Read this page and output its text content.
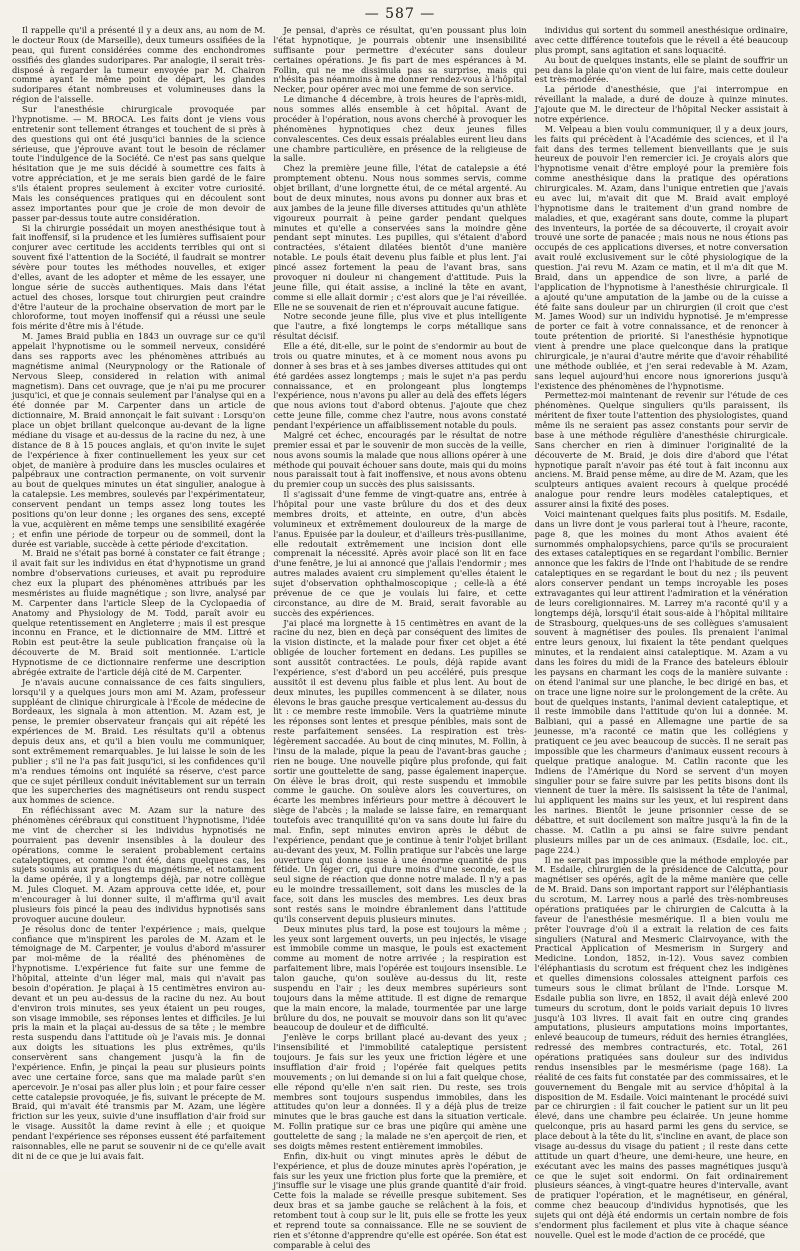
— 587 —

Il rappelle qu'il a présenté il y a deux ans, au nom de M. le docteur Roux (de Marseille), deux tumeurs ossifiées de la peau, qui furent considérées comme des enchondromes ossifiés des glandes sudoripares. Par analogie, il serait très-disposé à regarder la tumeur envoyée par M. Chairon comme ayant le même point de départ, les glandes sudoripares étant nombreuses et volumineuses dans la région de l'aisselle.

Sur l'anesthésie chirurgicale provoquée par l'hypnotisme. — M. BROCA. Les faits dont je viens vous entretenir sont tellement étranges et touchent de si près à des questions qui ont été jusqu'ici bannies de la science sérieuse, que j'éprouve avant tout le besoin de réclamer toute l'indulgence de la Société. Ce n'est pas sans quelque hésitation que je me suis décidé à soumettre ces faits à votre appréciation, et je me serais bien gardé de le faire s'ils étaient propres seulement à exciter votre curiosité. Mais les conséquences pratiques qui en découlent sont assez importantes pour que je croie de mon devoir de passer par-dessus toute autre considération.

Si la chirurgie possédait un moyen anesthésique tout à fait inoffensif, si la prudence et les lumières suffisaient pour conjurer avec certitude les accidents terribles qui ont si souvent fixé l'attention de la Société, il faudrait se montrer sévère pour toutes les méthodes nouvelles, et exiger d'elles, avant de les adopter et même de les essayer, une longue série de succès authentiques. Mais dans l'état actuel des choses, lorsque tout chirurgien peut craindre d'être l'auteur de la prochaine observation de mort par le chloroforme, tout moyen inoffensif qui a réussi une seule fois mérite d'être mis à l'étude.

M. James Braid publia en 1843 un ouvrage sur ce qu'il appelait l'hypnotisme ou le sommeil nerveux, considéré dans ses rapports avec les phénomènes attribués au magnétisme animal (Neurypnology or the Rationale of Nervous Sleep, considered in relation with animal magnetism). Dans cet ouvrage, que je n'ai pu me procurer jusqu'ici, et que je connais seulement par l'analyse qui en a été donnée par M. Carpenter dans un article de dictionnaire, M. Braid annonçait le fait suivant : Lorsqu'on place un objet brillant quelconque au-devant de la ligne médiane du visage et au-dessus de la racine du nez, à une distance de 8 à 15 pouces anglais, et qu'on invite le sujet de l'expérience à fixer continuellement les yeux sur cet objet, de manière à produire dans les muscles oculaires et palpébraux une contraction permanente, on voit survenir au bout de quelques minutes un état singulier, analogue à la catalepsie. Les membres, soulevés par l'expérimentateur, conservent pendant un temps assez long toutes les positions qu'on leur donne ; les organes des sens, excepté la vue, acquièrent en même temps une sensibilité exagérée ; et enfin une période de torpeur ou de sommeil, dont la durée est variable, succède à cette période d'excitation.

M. Braid ne s'était pas borné à constater ce fait étrange ; il avait fait sur les individus en état d'hypnotisme un grand nombre d'observations curieuses, et avait pu reproduire chez eux la plupart des phénomènes attribués par les mesméristes au fluide magnétique ; son livre, analysé par M. Carpenter dans l'article Sleep de la Cyclopaedia of Anatomy and Physiology de M. Todd, paraît avoir eu quelque retentissement en Angleterre ; mais il est presque inconnu en France, et le dictionnaire de MM. Littré et Robin est peut-être la seule publication française où la découverte de M. Braid soit mentionnée. L'article Hypnotisme de ce dictionnaire renferme une description abrégée extraite de l'article déjà cité de M. Carpenter.

Je n'avais aucune connaissance de ces faits singuliers, lorsqu'il y a quelques jours mon ami M. Azam, professeur suppléant de clinique chirurgicale à l'École de médecine de Bordeaux, les signala à mon attention. M. Azam est, je pense, le premier observateur français qui ait répété les expériences de M. Braid. Les résultats qu'il a obtenus depuis deux ans, et qu'il a bien voulu me communiquer, sont extrêmement remarquables. Je lui laisse le soin de les publier ; s'il ne l'a pas fait jusqu'ici, si les confidences qu'il m'a rendues témoins ont inquiété sa réserve, c'est parce que ce sujet périlleux conduit inévitablement sur un terrain que les supercheries des magnétiseurs ont rendu suspect aux hommes de science.

En réfléchissant avec M. Azam sur la nature des phénomènes cérébraux qui constituent l'hypnotisme, l'idée me vint de chercher si les individus hypnotisés ne pourraient pas devenir insensibles à la douleur des opérations, comme le seraient probablement certains cataleptiques, et comme l'ont été, dans quelques cas, les sujets soumis aux pratiques du magnétisme, et notamment la dame opérée, il y a longtemps déjà, par notre collègue M. Jules Cloquet. M. Azam approuva cette idée, et, pour m'encourager à lui donner suite, il m'affirma qu'il avait plusieurs fois pincé la peau des individus hypnotisés sans provoquer aucune douleur.

Je résolus donc de tenter l'expérience ; mais, quelque confiance que m'inspirent les paroles de M. Azam et le témoignage de M. Carpenter, je voulus d'abord m'assurer par moi-même de la réalité des phénomènes de l'hypnotisme. L'expérience fut faite sur une femme de l'hôpital, atteinte d'un léger mal, mais qui n'avait pas besoin d'opération. Je plaçai à 15 centimètres environ au-devant et un peu au-dessus de la racine du nez. Au bout d'environ trois minutes, ses yeux étaient un peu rouges, son visage immobile, ses réponses lentes et difficiles. Je lui pris la main et la plaçai au-dessus de sa tête ; le membre resta suspendu dans l'attitude où je l'avais mis. Je donnai aux doigts les situations les plus extrêmes, qu'ils conservèrent sans changement jusqu'à la fin de l'expérience. Enfin, je pinçai la peau sur plusieurs points avec une certaine force, sans que ma malade parût s'en apercevoir. Je n'osai pas aller plus loin ; et pour faire cesser cette catalepsie provoquée, je fis, suivant le précepte de M. Braid, qui m'avait été transmis par M. Azam, une légère friction sur les yeux, suivie d'une insufflation d'air froid sur le visage. Aussitôt la dame revint à elle ; et quoique pendant l'expérience ses réponses eussent été parfaitement raisonnables, elle ne parut se souvenir ni de ce qu'elle avait dit ni de ce que je lui avais fait.

Je pensai, d'après ce résultat, qu'en poussant plus loin l'état hypnotique, je pourrais obtenir une insensibilité suffisante pour permettre d'exécuter sans douleur certaines opérations. Je fis part de mes espérances à M. Follin, qui ne me dissimula pas sa surprise, mais qui n'hésita pas néanmoins à me donner rendez-vous à l'hôpital Necker, pour opérer avec moi une femme de son service.

Le dimanche 4 décembre, à trois heures de l'après-midi, nous sommes allés ensemble à cet hôpital. Avant de procéder à l'opération, nous avons cherché à provoquer les phénomènes hypnotiques chez deux jeunes filles convalescentes. Ces deux essais préalables eurent lieu dans une chambre particulière, en présence de la religieuse de la salle.

Chez la première jeune fille, l'état de catalepsie a été promptement obtenu. Nous nous sommes servis, comme objet brillant, d'une lorgnette étui, de ce métal argenté. Au bout de deux minutes, nous avons pu donner aux bras et aux jambes de la jeune fille diverses attitudes qu'un athlète vigoureux pourrait à peine garder pendant quelques minutes et qu'elle a conservées sans la moindre gêne pendant sept minutes. Les pupilles, qui s'étaient d'abord contractées, s'étaient dilatées bientôt d'une manière notable. Le pouls était devenu plus faible et plus lent. J'ai pincé assez fortement la peau de l'avant bras, sans provoquer ni douleur ni changement d'attitude. Puis la jeune fille, qui était assise, a incliné la tête en avant, comme si elle allait dormir ; c'est alors que je l'ai réveillée. Elle ne se souvenait de rien et n'éprouvait aucune fatigue.

Notre seconde jeune fille, plus vive et plus intelligente que l'autre, a fixé longtemps le corps métallique sans résultat décisif.

Elle a été, dit-elle, sur le point de s'endormir au bout de trois ou quatre minutes, et à ce moment nous avons pu donner à ses bras et à ses jambes diverses attitudes qui ont été gardées assez longtemps ; mais le sujet n'a pas perdu connaissance, et en prolongeant plus longtemps l'expérience, nous n'avons pu aller au delà des effets légers que nous avions tout d'abord obtenus. J'ajoute que chez cette jeune fille, comme chez l'autre, nous avons constaté pendant l'expérience un affaiblissement notable du pouls.

Malgré cet échec, encouragés par le résultat de notre premier essai et par le souvenir de mon succès de la veille, nous avons soumis la malade que nous allions opérer à une méthode qui pouvait échouer sans doute, mais qui du moins nous paraissait tout à fait inoffensive, et nous avons obtenu du premier coup un succès des plus saisissants.

Il s'agissait d'une femme de vingt-quatre ans, entrée à l'hôpital pour une vaste brûlure du dos et des deux membres droits, et atteinte, en outre, d'un abcès volumineux et extrêmement douloureux de la marge de l'anus. Épuisée par la douleur, et d'ailleurs très-pusillanime, elle redoutait extrêmement une incision dont elle comprenait la nécessité. Après avoir placé son lit en face d'une fenêtre, je lui ai annoncé que j'allais l'endormir ; mes autres malades avaient cru simplement qu'elles étaient le sujet d'observation ophthalmoscopique ; celle-là a été prévenue de ce que je voulais lui faire, et cette circonstance, au dire de M. Braid, serait favorable au succès des expériences.

J'ai placé ma lorgnette à 15 centimètres en avant de la racine du nez, bien en deçà par conséquent des limites de la vision distincte, et la malade pour fixer cet objet a été obligée de loucher fortement en dedans. Les pupilles se sont aussitôt contractées. Le pouls, déjà rapide avant l'expérience, s'est d'abord un peu accéléré, puis presque aussitôt il est devenu plus faible et plus lent. Au bout de deux minutes, les pupilles commencent à se dilater, nous élevons le bras gauche presque verticalement au-dessus du lit : ce membre reste immobile. Vers la quatrième minute les réponses sont lentes et presque pénibles, mais sont de reste parfaitement sensées. La respiration est très-légèrement saccadée. Au bout de cinq minutes, M. Follin, à l'insu de la malade, pique la peau de l'avant-bras gauche ; rien ne bouge. Une nouvelle piqûre plus profonde, qui fait sortir une gouttelette de sang, passe également inaperçue. On élève le bras droit, qui reste suspendu et immobile comme le gauche. On soulève alors les couvertures, on écarte les membres inférieurs pour mettre à découvert le siège de l'abcès ; la malade se laisse faire, en remarquant toutefois avec tranquillité qu'on va sans doute lui faire du mal. Enfin, sept minutes environ après le début de l'expérience, pendant que je continue à tenir l'objet brillant au-devant des yeux, M. Follin pratique sur l'abcès une large ouverture qui donne issue à une énorme quantité de pus fétide. Un léger cri, qui dure moins d'une seconde, est le seul signe de réaction que donne notre malade. Il n'y a pas eu le moindre tressaillement, soit dans les muscles de la face, soit dans les muscles des membres. Les deux bras sont restés sans le moindre ébranlement dans l'attitude qu'ils conservent depuis plusieurs minutes.

Deux minutes plus tard, la pose est toujours la même ; les yeux sont largement ouverts, un peu injectés, le visage est immobile comme un masque, le pouls est exactement comme au moment de notre arrivée ; la respiration est parfaitement libre, mais l'opérée est toujours insensible. Le talon gauche, qu'on soulève au-dessus du lit, reste suspendu en l'air ; les deux membres supérieurs sont toujours dans la même attitude. Il est digne de remarque que la main encore, la malade, tourmentée par une large brûlure du dos, ne pouvait se mouvoir dans son lit qu'avec beaucoup de douleur et de difficulté.

J'enlève le corps brillant placé au-devant des yeux ; l'insensibilité et l'immobilité cataleptique persistent toujours. Je fais sur les yeux une friction légère et une insufflation d'air froid ; l'opérée fait quelques petits mouvements ; on lui demande si on lui a fait quelque chose, elle répond qu'elle n'en sait rien. Du reste, ses trois membres sont toujours suspendus immobiles, dans les attitudes qu'on leur a données. Il y a déjà plus de treize minutes que le bras gauche est dans la situation verticale. M. Follin pratique sur ce bras une piqûre qui amène une gouttelette de sang ; la malade ne s'en aperçoit de rien, et ses doigts mêmes restent entièrement immobiles.

Enfin, dix-huit ou vingt minutes après le début de l'expérience, et plus de douze minutes après l'opération, je fais sur les yeux une friction plus forte que la première, et j'insuffle sur le visage une plus grande quantité d'air froid. Cette fois la malade se réveille presque subitement. Ses deux bras et sa jambe gauche se relâchent à la fois, et retombent tout à coup sur le lit, puis elle se frotte les yeux et reprend toute sa connaissance. Elle ne se souvient de rien et s'étonne d'apprendre qu'elle est opérée. Son état est comparable à celui des

individus qui sortent du sommeil anesthésique ordinaire, avec cette différence toutefois que le réveil a été beaucoup plus prompt, sans agitation et sans loquacité.

Au bout de quelques instants, elle se plaint de souffrir un peu dans la plaie qu'on vient de lui faire, mais cette douleur est très-modérée.

La période d'anesthésie, que j'ai interrompue en réveillant la malade, a duré de douze à quinze minutes. J'ajoute que M. le directeur de l'hôpital Necker assistait à notre expérience.

M. Velpeau a bien voulu communiquer, il y a deux jours, les faits qui précèdent à l'Académie des sciences, et il l'a fait dans des termes tellement bienveillants que je suis heureux de pouvoir l'en remercier ici. Je croyais alors que l'hypnotisme venait d'être employé pour la première fois comme anesthésique dans la pratique des opérations chirurgicales. M. Azam, dans l'unique entretien que j'avais eu avec lui, m'avait dit que M. Braid avait employé l'hypnotisme dans le traitement d'un grand nombre de maladies, et que, exagérant sans doute, comme la plupart des inventeurs, la portée de sa découverte, il croyait avoir trouvé une sorte de panacée ; mais nous ne nous étions pas occupés de ces applications diverses, et notre conversation avait roulé exclusivement sur le côté physiologique de la question. J'ai revu M. Azam ce matin, et il m'a dit que M. Braid, dans un appendice de son livre, a parlé de l'application de l'hypnotisme à l'anesthésie chirurgicale. Il a ajouté qu'une amputation de la jambe ou de la cuisse a été faite sans douleur par un chirurgien (il croit que c'est M. James Wood) sur un individu hypnotisé. Je m'empresse de porter ce fait à votre connaissance, et de renoncer à toute prétention de priorité. Si l'anesthésie hypnotique vient à prendre une place quelconque dans la pratique chirurgicale, je n'aurai d'autre mérite que d'avoir réhabilité une méthode oubliée, et j'en serai redevable à M. Azam, sans lequel aujourd'hui encore nous ignorerions jusqu'à l'existence des phénomènes de l'hypnotisme.

Permettez-moi maintenant de revenir sur l'étude de ces phénomènes. Quelque singuliers qu'ils paraissent, ils méritent de fixer toute l'attention des physiologistes, quand même ils ne seraient pas assez constants pour servir de base à une méthode régulière d'anesthésie chirurgicale. Sans chercher en rien à diminuer l'originalité de la découverte de M. Braid, je dois dire d'abord que l'état hypnotique paraît n'avoir pas été tout à fait inconnu aux anciens. M. Braid pense même, au dire de M. Azam, que les sculpteurs antiques avaient recours à quelque procédé analogue pour rendre leurs modèles cataleptiques, et assurer ainsi la fixité des poses.

Voici maintenant quelques faits plus positifs. M. Esdaile, dans un livre dont je vous parlerai tout à l'heure, raconte, page 8, que les moines du mont Athos avaient été surnommés omphalopsychiens, parce qu'ils se procuraient des extases cataleptiques en se regardant l'ombilic. Bernier annonce que les fakirs de l'Inde ont l'habitude de se rendre cataleptiques en se regardant le bout du nez ; ils peuvent alors conserver pendant un temps incroyable les poses extravagantes qui leur attirent l'admiration et la vénération de leurs coreligionnaires. M. Larrey m'a raconté qu'il y a longtemps déjà, lorsqu'il était sous-aide à l'hôpital militaire de Strasbourg, quelques-uns de ses collègues s'amusaient souvent à magnétiser des poules. Ils prenaient l'animal entre leurs genoux, lui fixaient la tête pendant quelques minutes, et la rendaient ainsi cataleptique. M. Azam a vu dans les foires du midi de la France des bateleurs éblouir les paysans en charmant les coqs de la manière suivante : on étend l'animal sur une planche, le bec dirigé en bas, et on trace une ligne noire sur le prolongement de la crête. Au bout de quelques instants, l'animal devient cataleptique, et il reste immobile dans l'attitude qu'on lui a donnée. M. Balbiani, qui a passé en Allemagne une partie de sa jeunesse, m'a raconté ce matin que les collégiens y pratiquent ce jeu avec beaucoup de succès. Il ne serait pas impossible que les charmeurs d'animaux eussent recours à quelque pratique analogue. M. Catlin raconte que les Indiens de l'Amérique du Nord se servent d'un moyen singulier pour se faire suivre par les petits bisons dont ils viennent de tuer la mère. Ils saisissent la tête de l'animal, lui appliquent les mains sur les yeux, et lui respirent dans les narines. Bientôt le jeune prisonnier cesse de se débattre, et suit docilement son maître jusqu'à la fin de la chasse. M. Catlin a pu ainsi se faire suivre pendant plusieurs milles par un de ces animaux. (Esdaile, loc. cit., page 224.)

Il ne serait pas impossible que la méthode employée par M. Esdaile, chirurgien de la présidence de Calcutta, pour magnétiser ses opérés, agît de la même manière que celle de M. Braid. Dans son important rapport sur l'éléphantiasis du scrotum, M. Larrey nous a parlé des très-nombreuses opérations pratiquées par le chirurgien de Calcutta à la faveur de l'anesthésie mesmérique. Il a bien voulu me prêter l'ouvrage d'où il a extrait la relation de ces faits singuliers (Natural and Mesmeric Clairvoyance, with the Practical Application of Mesmerism in Surgery and Medicine. London, 1852, in-12). Vous savez combien l'éléphantiasis du scrotum est fréquent chez les indigènes et quelles dimensions colossales atteignent parfois ces tumeurs sous le climat brûlant de l'Inde. Lorsque M. Esdaile publia son livre, en 1852, il avait déjà enlevé 200 tumeurs du scrotum, dont le poids variait depuis 10 livres jusqu'à 103 livres. Il avait fait en outre cinq grandes amputations, plusieurs amputations moins importantes, enlevé beaucoup de tumeurs, réduit des hernies étranglées, redressé des membres contracturés, etc. Total, 261 opérations pratiquées sans douleur sur des individus rendus insensibles par le mesmérisme (page 168). La réalité de ces faits fut constatée par des commissaires, et le gouvernement du Bengale mit au service d'hôpital à la disposition de M. Esdaile. Voici maintenant le procédé suivi par ce chirurgien : il fait coucher le patient sur un lit peu élevé, dans une chambre peu éclairée. Un jeune homme quelconque, pris au hasard parmi les gens du service, se place debout à la tête du lit, s'incline en avant, de place son visage au-dessus du visage du patient ; il reste dans cette attitude un quart d'heure, une demi-heure, une heure, en exécutant avec les mains des passes magnétiques jusqu'à ce que le sujet soit endormi. On fait ordinairement plusieurs séances, à vingt-quatre heures d'intervalle, avant de pratiquer l'opération, et le magnétiseur, en général, comme chez beaucoup d'individus hypnotisés, que les sujets qui ont déjà été endormis un certain nombre de fois s'endorment plus facilement et plus vite à chaque séance nouvelle. Quel est le mode d'action de ce procédé, que
